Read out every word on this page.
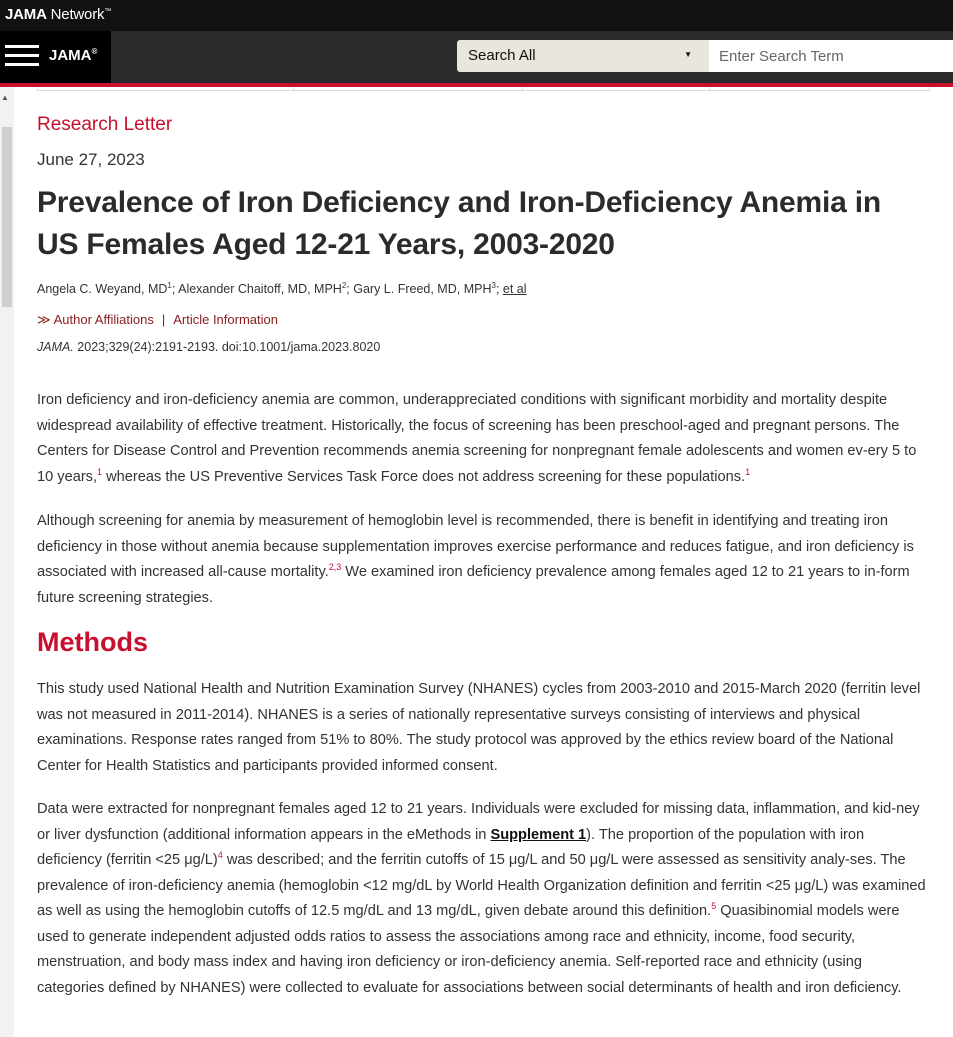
JAMA Network™
JAMA®	Search All	▼
Enter Search Term
▲
Research Letter
June 27, 2023
Prevalence of Iron Deficiency and Iron-Deficiency Anemia in US Females Aged 12-21 Years, 2003-2020
Angela C. Weyand, $MD^1$; Alexander Chaitoff, MD, MPH$^2$; Gary L. Freed, MD, MPH$^3$; et al
≫ Author Affiliations | Article Information
JAMA. 2023;329(24):2191-2193. doi:10.1001/jama.2023.8020

Iron deficiency and iron-deficiency anemia are common, underappreciated conditions with significant morbidity and mortality despite widespread availability of effective treatment. Historically, the focus of screening has been preschool-aged and pregnant persons. The Centers for Disease Control and Prevention recommends anemia screening for nonpregnant female adolescents and women ev-ery 5 to 10 years,$^1$ whereas the US Preventive Services Task Force does not address screening for these populations.$^1$

Although screening for anemia by measurement of hemoglobin level is recommended, there is benefit in identifying and treating iron deficiency in those without anemia because supplementation improves exercise performance and reduces fatigue, and iron deficiency is associated with increased all-cause mortality.$^{2,3}$ We examined iron deficiency prevalence among females aged 12 to 21 years to in-form future screening strategies.

Methods

This study used National Health and Nutrition Examination Survey (NHANES) cycles from 2003-2010 and 2015-March 2020 (ferritin level was not measured in 2011-2014). NHANES is a series of nationally representative surveys consisting of interviews and physical examinations. Response rates ranged from 51% to 80%. The study protocol was approved by the ethics review board of the National Center for Health Statistics and participants provided informed consent.

Data were extracted for nonpregnant females aged 12 to 21 years. Individuals were excluded for missing data, inflammation, and kid-ney or liver dysfunction (additional information appears in the eMethods in Supplement 1). The proportion of the population with iron deficiency (ferritin <25 μg/L)$^4$ was described; and the ferritin cutoffs of 15 μg/L and 50 μg/L were assessed as sensitivity analy-ses. The prevalence of iron-deficiency anemia (hemoglobin <12 mg/dL by World Health Organization definition and ferritin <25 μg/L) was examined as well as using the hemoglobin cutoffs of 12.5 mg/dL and 13 mg/dL, given debate around this definition.$^5$ Quasibinomial models were used to generate independent adjusted odds ratios to assess the associations among race and ethnicity, income, food security, menstruation, and body mass index and having iron deficiency or iron-deficiency anemia. Self-reported race and ethnicity (using categories defined by NHANES) were collected to evaluate for associations between social determinants of health and iron deficiency.
